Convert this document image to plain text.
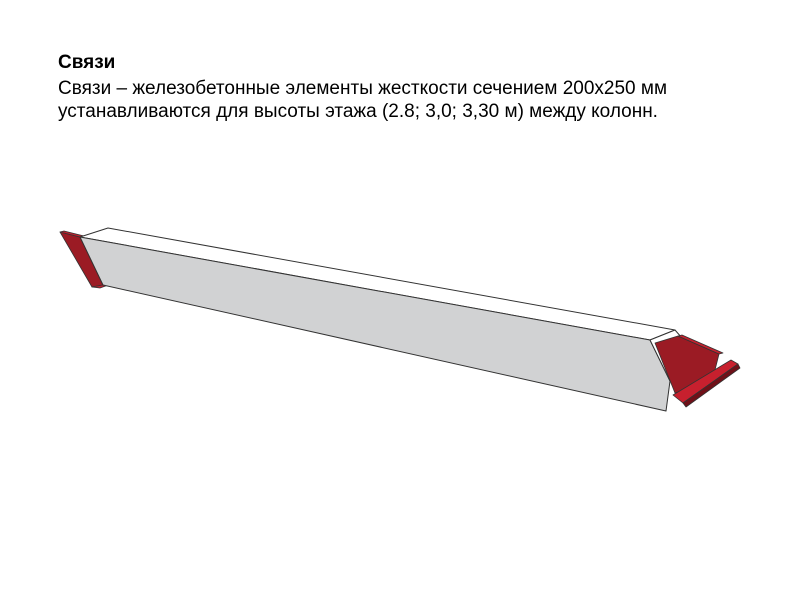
Связи
Связи – железобетонные элементы жесткости сечением 200х250 мм
устанавливаются для высоты этажа (2.8; 3,0; 3,30 м) между колонн.
